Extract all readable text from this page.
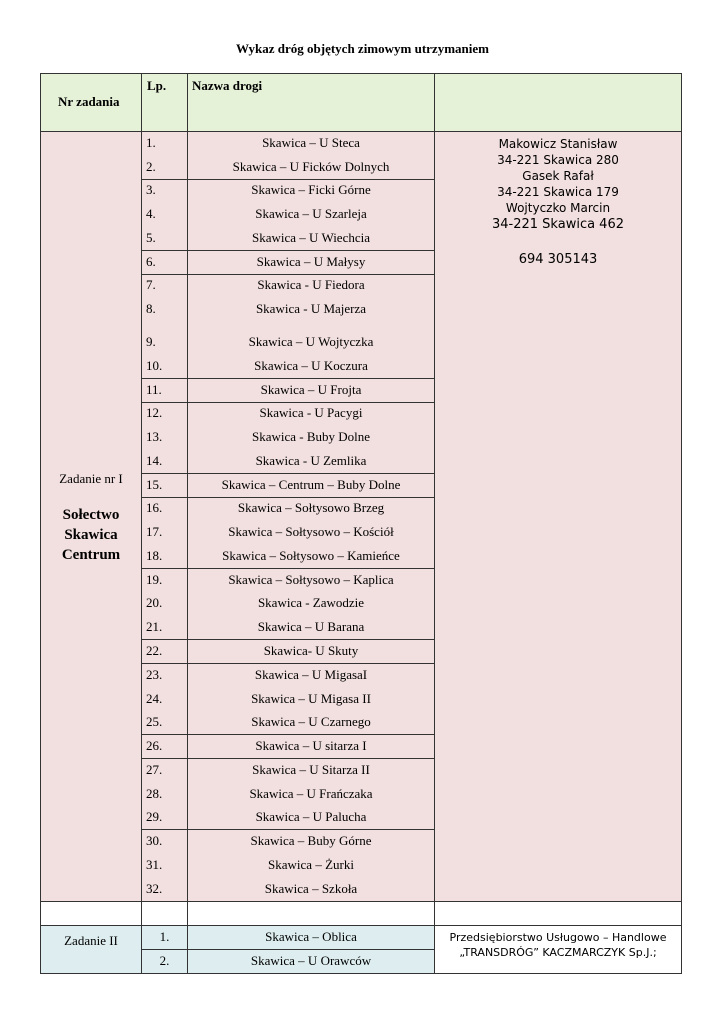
Wykaz dróg objętych zimowym utrzymaniem
Nr zadania
Lp. Nazwa drogi
Zadanie nr I
Sołectwo
Skawica
Centrum
1.	Skawica – U Steca
2.	Skawica – U Ficków Dolnych
3.	Skawica – Ficki Górne
4.	Skawica – U Szarleja
5.	Skawica – U Wiechcia
6.	Skawica – U Małysy
7.	Skawica - U Fiedora
8.	Skawica - U Majerza
9.	Skawica – U Wojtyczka
10.	Skawica – U Koczura
11.	Skawica – U Frojta
12.	Skawica - U Pacygi
13.	Skawica - Buby Dolne
14.	Skawica - U Zemlika
15.	Skawica – Centrum – Buby Dolne
16.	Skawica – Sołtysowo Brzeg
17.	Skawica – Sołtysowo – Kościół
18.	Skawica – Sołtysowo – Kamieńce
19.	Skawica – Sołtysowo – Kaplica
20.	Skawica - Zawodzie
21.	Skawica – U Barana
22.	Skawica- U Skuty
23.	Skawica – U MigasaI
24.	Skawica – U Migasa II
25.	Skawica – U Czarnego
26.	Skawica – U sitarza I
27.	Skawica – U Sitarza II
28.	Skawica – U Frańczaka
29.	Skawica – U Palucha
30.	Skawica – Buby Górne
31.	Skawica – Żurki
32.	Skawica – Szkoła
Makowicz Stanisław
34-221 Skawica 280
Gasek Rafał
34-221 Skawica 179
Wojtyczko Marcin
34-221 Skawica 462
694 305143
Zadanie II	1.	Skawica – Oblica
2.	Skawica – U Orawców
Przedsiębiorstwo Usługowo – Handlowe
„TRANSDRÓG” KACZMARCZYK Sp.J.;
